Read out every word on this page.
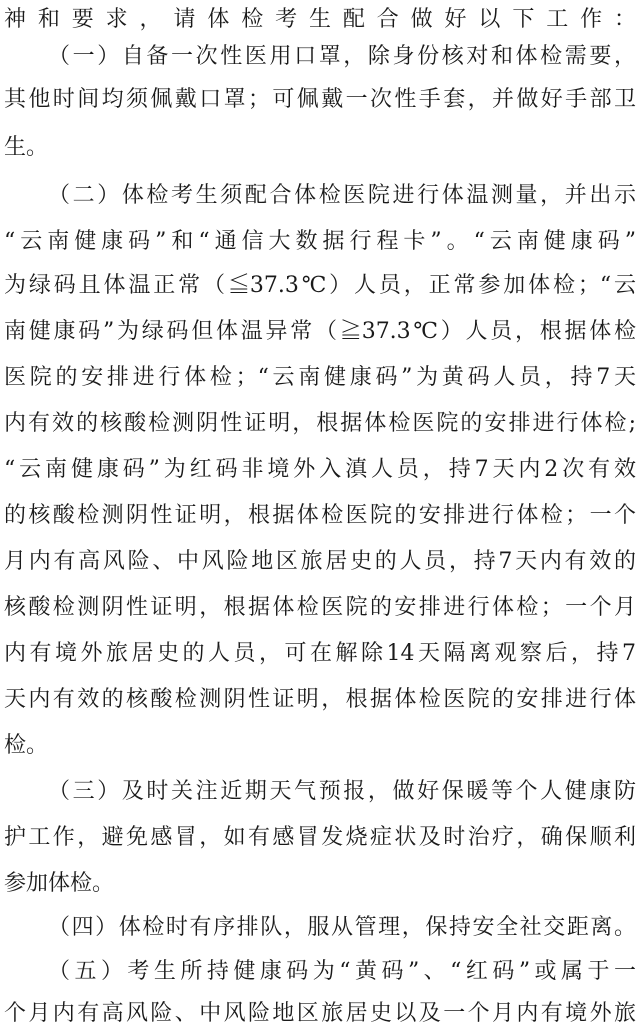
神和要求，请体检考生配合做好以下工作：
（一）自备一次性医用口罩，除身份核对和体检需要，
其他时间均须佩戴口罩；可佩戴一次性手套，并做好手部卫
生。
（二）体检考生须配合体检医院进行体温测量，并出示
“云南健康码”和“通信大数据行程卡”。“云南健康码”
为绿码且体温正常（≦37.3℃）人员，正常参加体检；“云
南健康码”为绿码但体温异常（≧37.3℃）人员，根据体检
医院的安排进行体检；“云南健康码”为黄码人员，持7天
内有效的核酸检测阴性证明，根据体检医院的安排进行体检;
“云南健康码”为红码非境外入滇人员，持7天内2次有效
的核酸检测阴性证明，根据体检医院的安排进行体检；一个
月内有高风险、中风险地区旅居史的人员，持7天内有效的
核酸检测阴性证明，根据体检医院的安排进行体检；一个月
内有境外旅居史的人员，可在解除14天隔离观察后，持7
天内有效的核酸检测阴性证明，根据体检医院的安排进行体
检。
（三）及时关注近期天气预报，做好保暖等个人健康防
护工作，避免感冒，如有感冒发烧症状及时治疗，确保顺利
参加体检。
（四）体检时有序排队，服从管理，保持安全社交距离。
（五）考生所持健康码为“黄码”、“红码”或属于一
个月内有高风险、中风险地区旅居史以及一个月内有境外旅
